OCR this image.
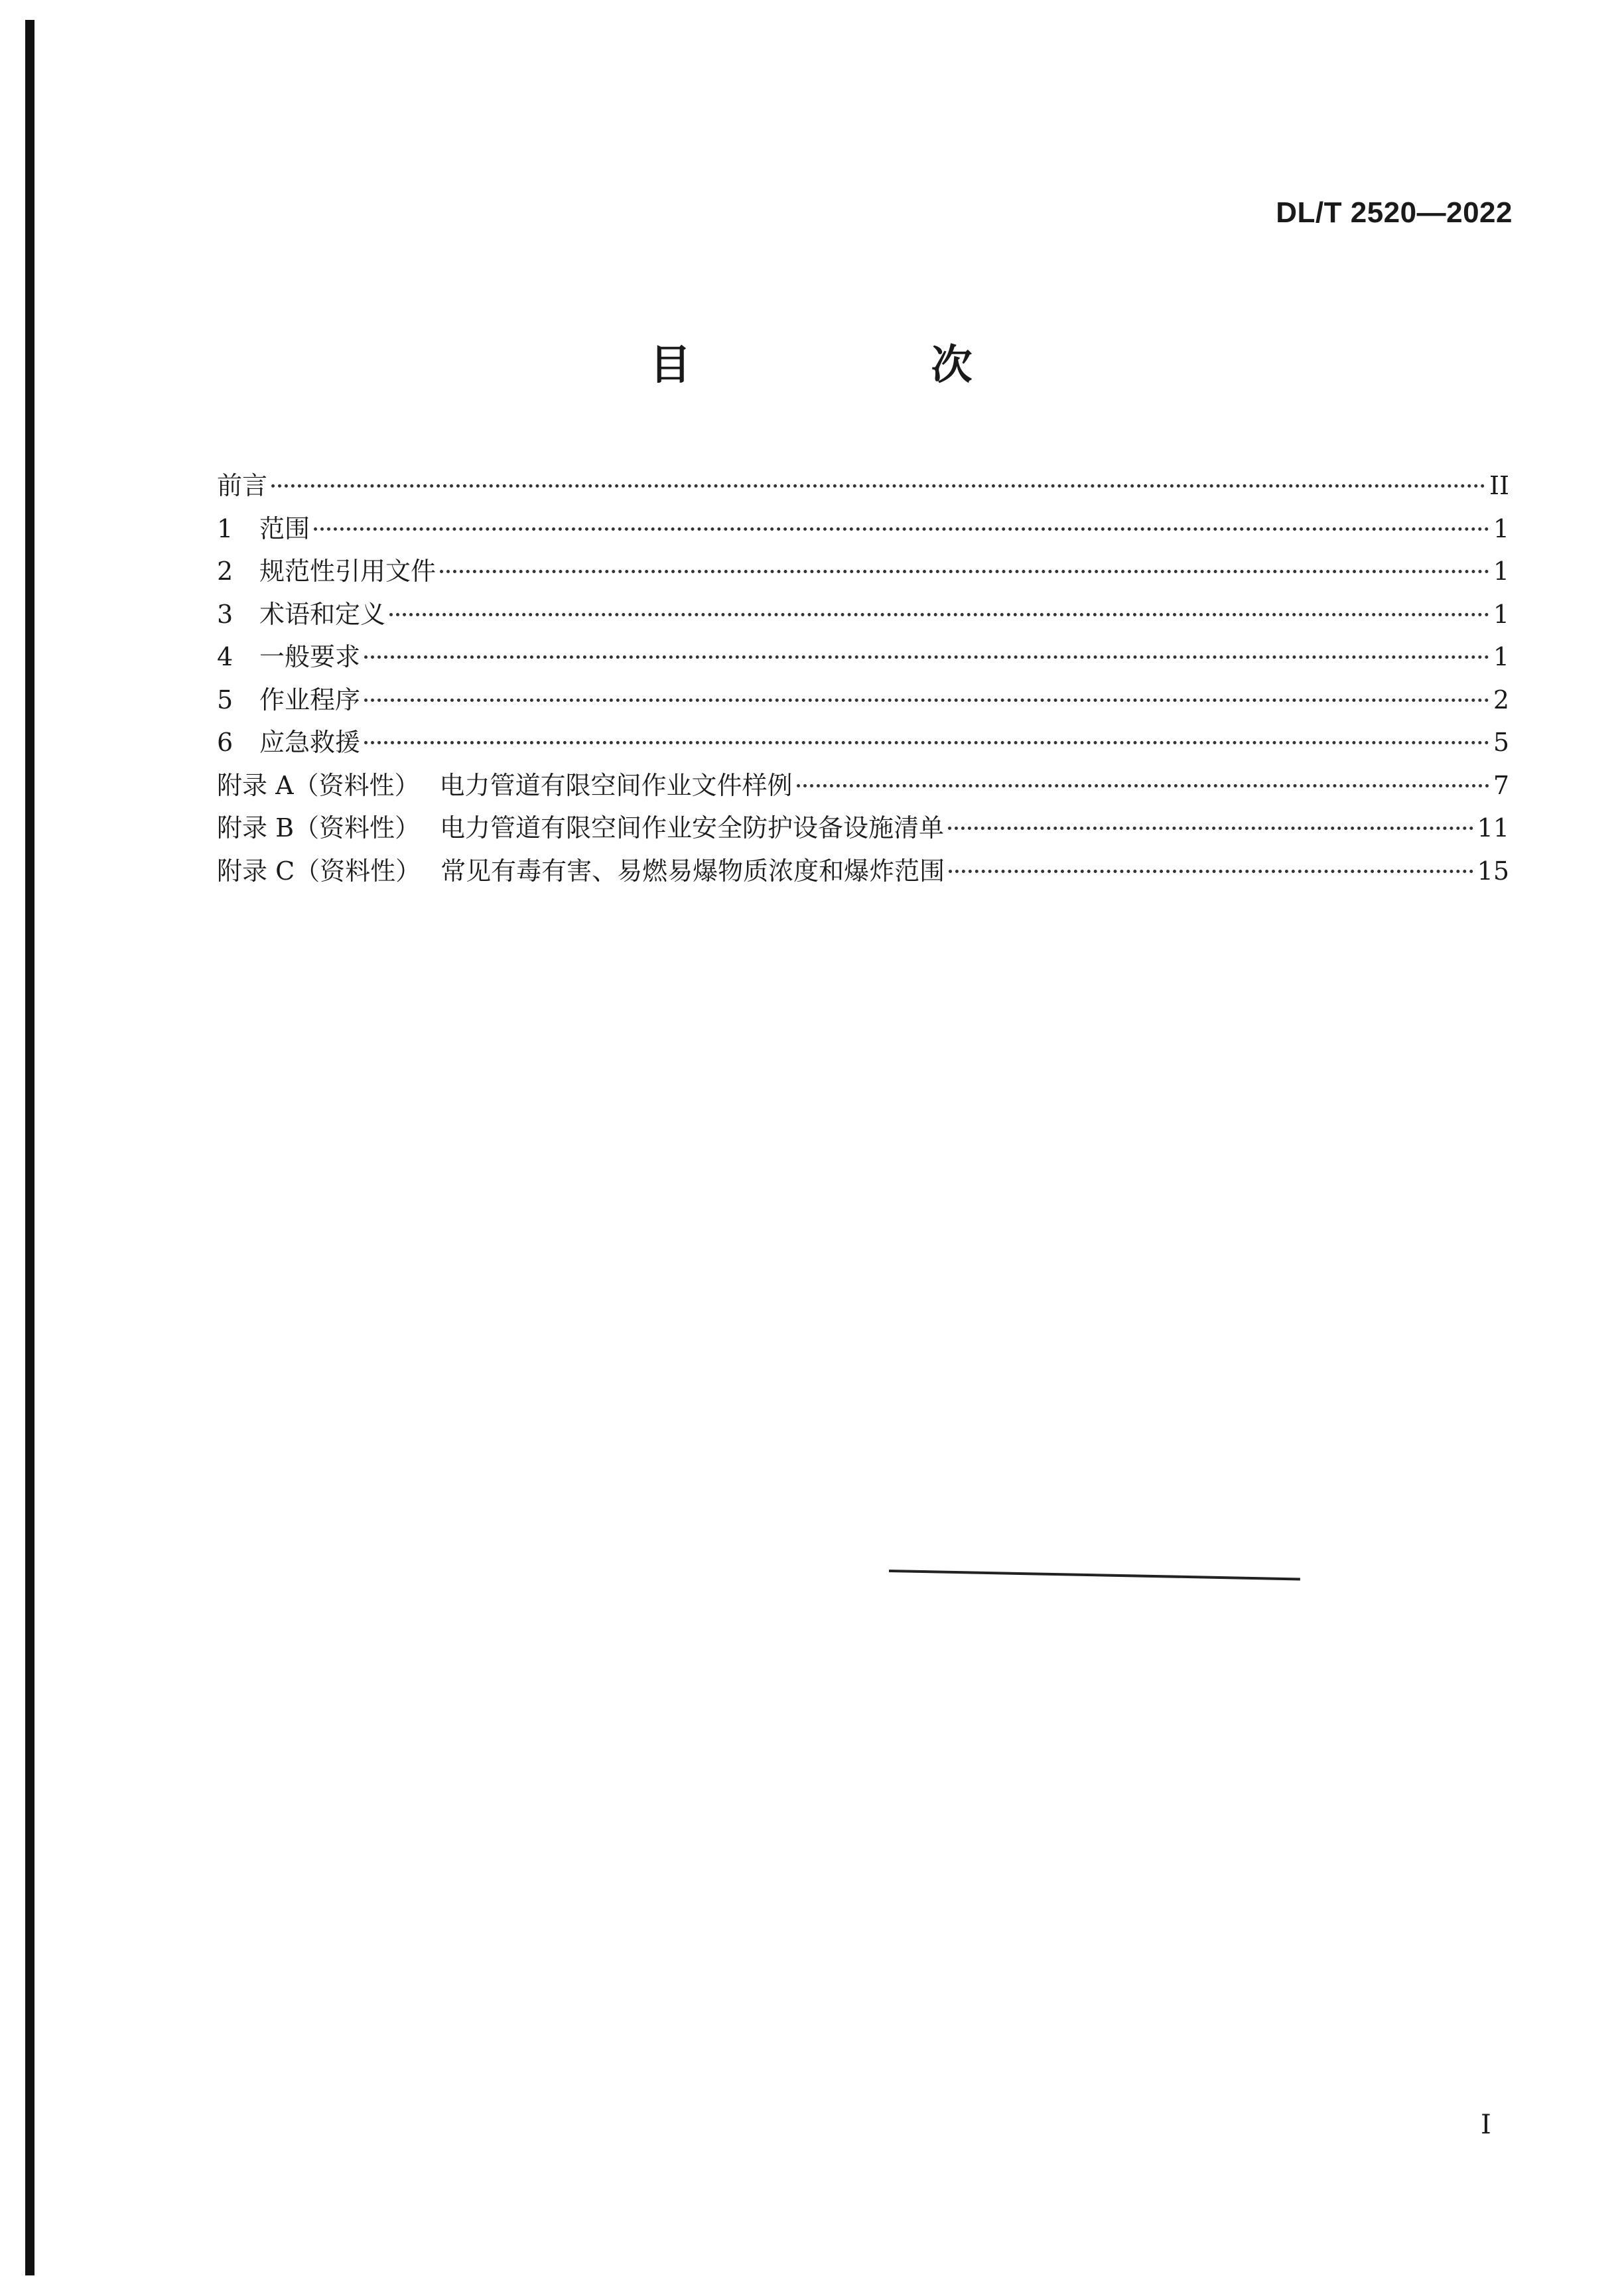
DL/T 2520—2022
目　次
前言	II
1	范围	1
2	规范性引用文件	1
3	术语和定义	1
4	一般要求	1
5	作业程序	2
6	应急救援	5
附录 A（资料性） 电力管道有限空间作业文件样例	7
附录 B（资料性） 电力管道有限空间作业安全防护设备设施清单	11
附录 C（资料性） 常见有毒有害、易燃易爆物质浓度和爆炸范围	15
I
